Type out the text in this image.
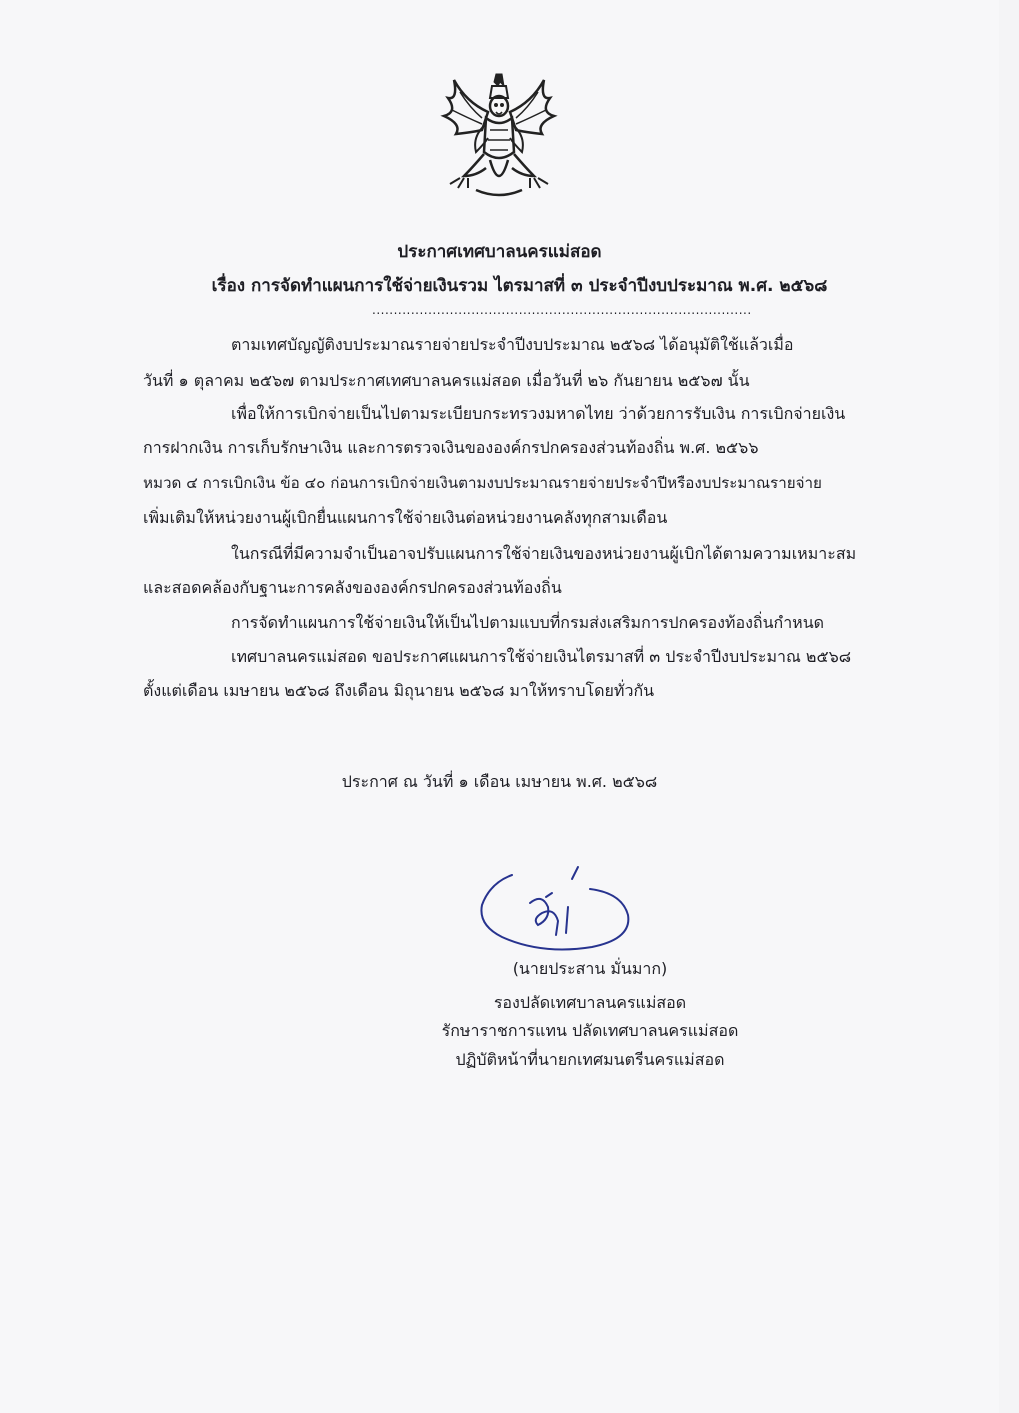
ประกาศเทศบาลนครแม่สอด
เรื่อง การจัดทำแผนการใช้จ่ายเงินรวม ไตรมาสที่ ๓ ประจำปีงบประมาณ พ.ศ. ๒๕๖๘
........................................................................................
ตามเทศบัญญัติงบประมาณรายจ่ายประจำปีงบประมาณ ๒๕๖๘ ได้อนุมัติใช้แล้วเมื่อ
วันที่ ๑ ตุลาคม ๒๕๖๗ ตามประกาศเทศบาลนครแม่สอด เมื่อวันที่ ๒๖ กันยายน ๒๕๖๗ นั้น
เพื่อให้การเบิกจ่ายเป็นไปตามระเบียบกระทรวงมหาดไทย ว่าด้วยการรับเงิน การเบิกจ่ายเงิน
การฝากเงิน การเก็บรักษาเงิน และการตรวจเงินขององค์กรปกครองส่วนท้องถิ่น พ.ศ. ๒๕๖๖
หมวด ๔ การเบิกเงิน ข้อ ๔๐ ก่อนการเบิกจ่ายเงินตามงบประมาณรายจ่ายประจำปีหรืองบประมาณรายจ่าย
เพิ่มเติมให้หน่วยงานผู้เบิกยื่นแผนการใช้จ่ายเงินต่อหน่วยงานคลังทุกสามเดือน
ในกรณีที่มีความจำเป็นอาจปรับแผนการใช้จ่ายเงินของหน่วยงานผู้เบิกได้ตามความเหมาะสม
และสอดคล้องกับฐานะการคลังขององค์กรปกครองส่วนท้องถิ่น
การจัดทำแผนการใช้จ่ายเงินให้เป็นไปตามแบบที่กรมส่งเสริมการปกครองท้องถิ่นกำหนด
เทศบาลนครแม่สอด ขอประกาศแผนการใช้จ่ายเงินไตรมาสที่ ๓ ประจำปีงบประมาณ ๒๕๖๘
ตั้งแต่เดือน เมษายน ๒๕๖๘ ถึงเดือน มิถุนายน ๒๕๖๘ มาให้ทราบโดยทั่วกัน
ประกาศ ณ วันที่ ๑ เดือน เมษายน พ.ศ. ๒๕๖๘
(นายประสาน มั่นมาก)
รองปลัดเทศบาลนครแม่สอด
รักษาราชการแทน ปลัดเทศบาลนครแม่สอด
ปฏิบัติหน้าที่นายกเทศมนตรีนครแม่สอด
